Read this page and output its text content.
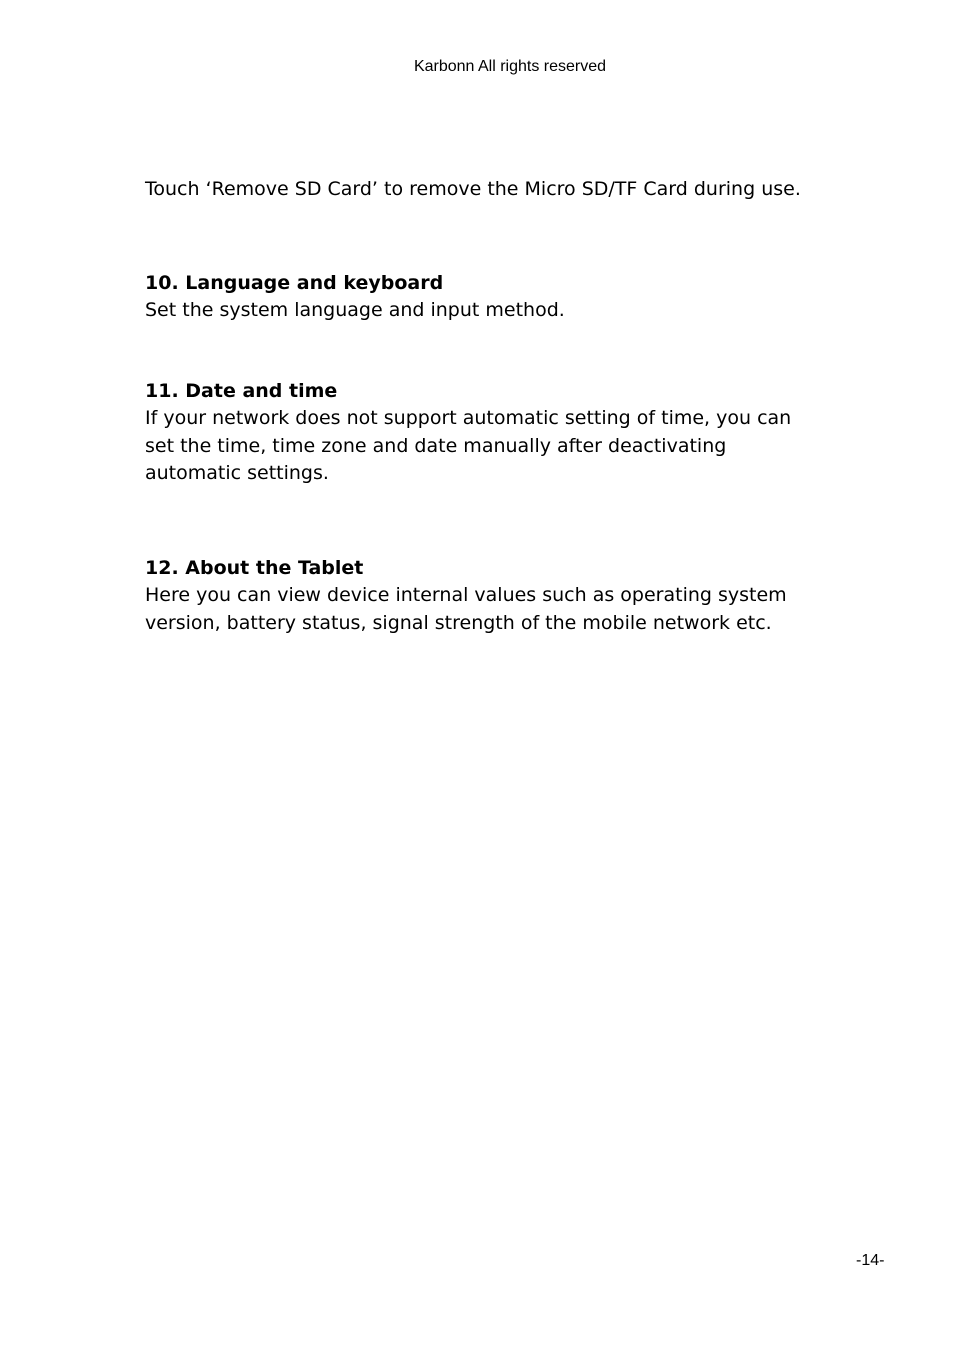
Karbonn All rights reserved

Touch ‘Remove SD Card’ to remove the Micro SD/TF Card during use.

10. Language and keyboard

Set the system language and input method.

11. Date and time

If your network does not support automatic setting of time, you can set the time, time zone and date manually after deactivating automatic settings.

12. About the Tablet

Here you can view device internal values such as operating system version, battery status, signal strength of the mobile network etc.

-14-
